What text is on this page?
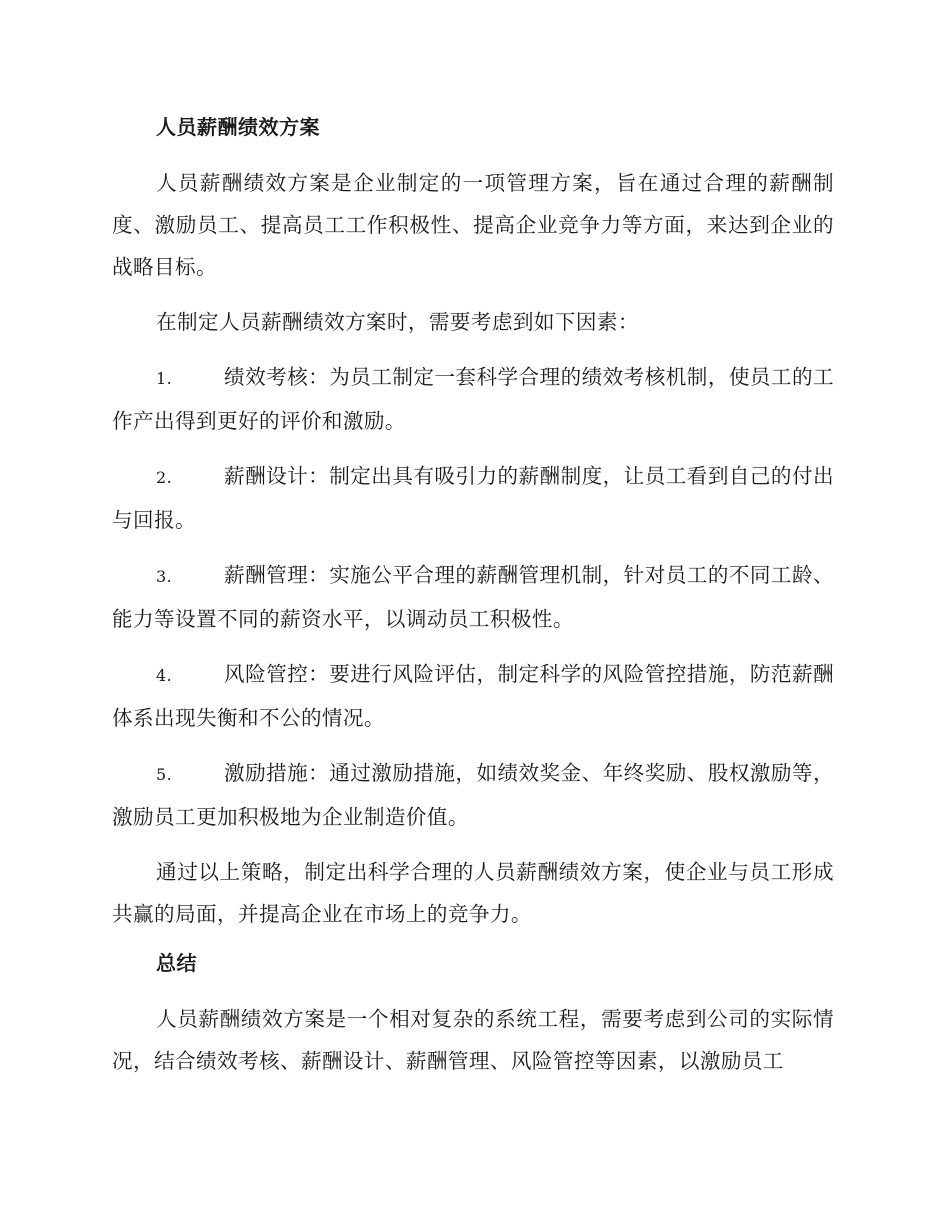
人员薪酬绩效方案

人员薪酬绩效方案是企业制定的一项管理方案，旨在通过合理的薪酬制度、激励员工、提高员工工作积极性、提高企业竞争力等方面，来达到企业的战略目标。

在制定人员薪酬绩效方案时，需要考虑到如下因素：

1.	绩效考核：为员工制定一套科学合理的绩效考核机制，使员工的工作产出得到更好的评价和激励。

2.	薪酬设计：制定出具有吸引力的薪酬制度，让员工看到自己的付出与回报。

3.	薪酬管理：实施公平合理的薪酬管理机制，针对员工的不同工龄、能力等设置不同的薪资水平，以调动员工积极性。

4.	风险管控：要进行风险评估，制定科学的风险管控措施，防范薪酬体系出现失衡和不公的情况。

5.	激励措施：通过激励措施，如绩效奖金、年终奖励、股权激励等，激励员工更加积极地为企业制造价值。

通过以上策略，制定出科学合理的人员薪酬绩效方案，使企业与员工形成共赢的局面，并提高企业在市场上的竞争力。

总结

人员薪酬绩效方案是一个相对复杂的系统工程，需要考虑到公司的实际情况，结合绩效考核、薪酬设计、薪酬管理、风险管控等因素，以激励员工
